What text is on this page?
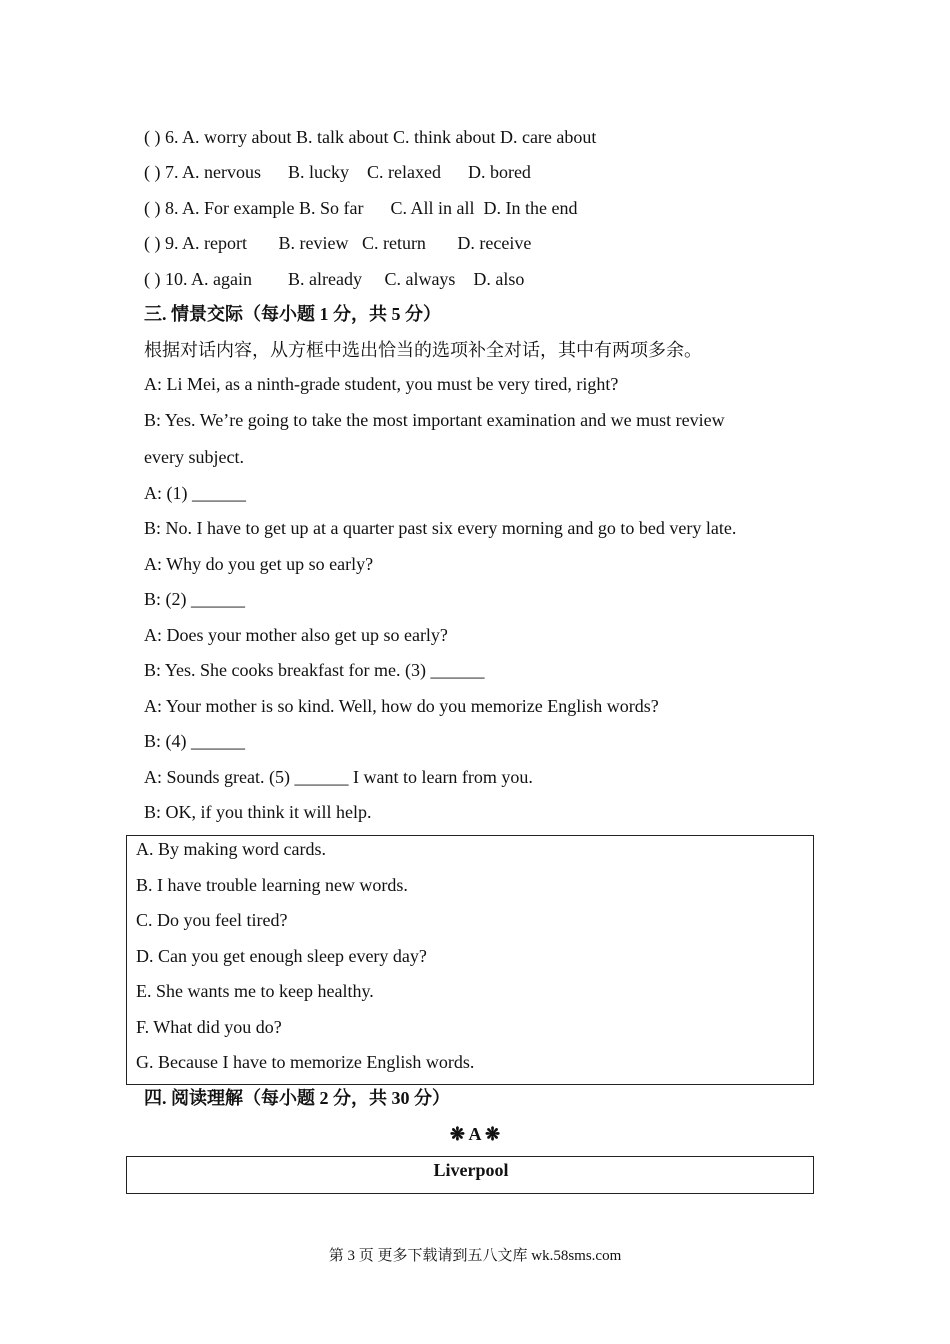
( ) 6. A. worry about B. talk about C. think about D. care about
( ) 7. A. nervous      B. lucky    C. relaxed      D. bored
( ) 8. A. For example B. So far      C. All in all  D. In the end
( ) 9. A. report       B. review   C. return       D. receive
( ) 10. A. again        B. already     C. always    D. also
三. 情景交际（每小题 1 分，共 5 分）
根据对话内容，从方框中选出恰当的选项补全对话，其中有两项多余。
A: Li Mei, as a ninth-grade student, you must be very tired, right?
B: Yes. We’re going to take the most important examination and we must review
every subject.
A: (1) ______
B: No. I have to get up at a quarter past six every morning and go to bed very late.
A: Why do you get up so early?
B: (2) ______
A: Does your mother also get up so early?
B: Yes. She cooks breakfast for me. (3) ______
A: Your mother is so kind. Well, how do you memorize English words?
B: (4) ______
A: Sounds great. (5) ______ I want to learn from you.
B: OK, if you think it will help.
A. By making word cards.
B. I have trouble learning new words.
C. Do you feel tired?
D. Can you get enough sleep every day?
E. She wants me to keep healthy.
F. What did you do?
G. Because I have to memorize English words.
四. 阅读理解（每小题 2 分，共 30 分）
❋ A ❋
Liverpool
第 3 页 更多下载请到五八文库 wk.58sms.com
